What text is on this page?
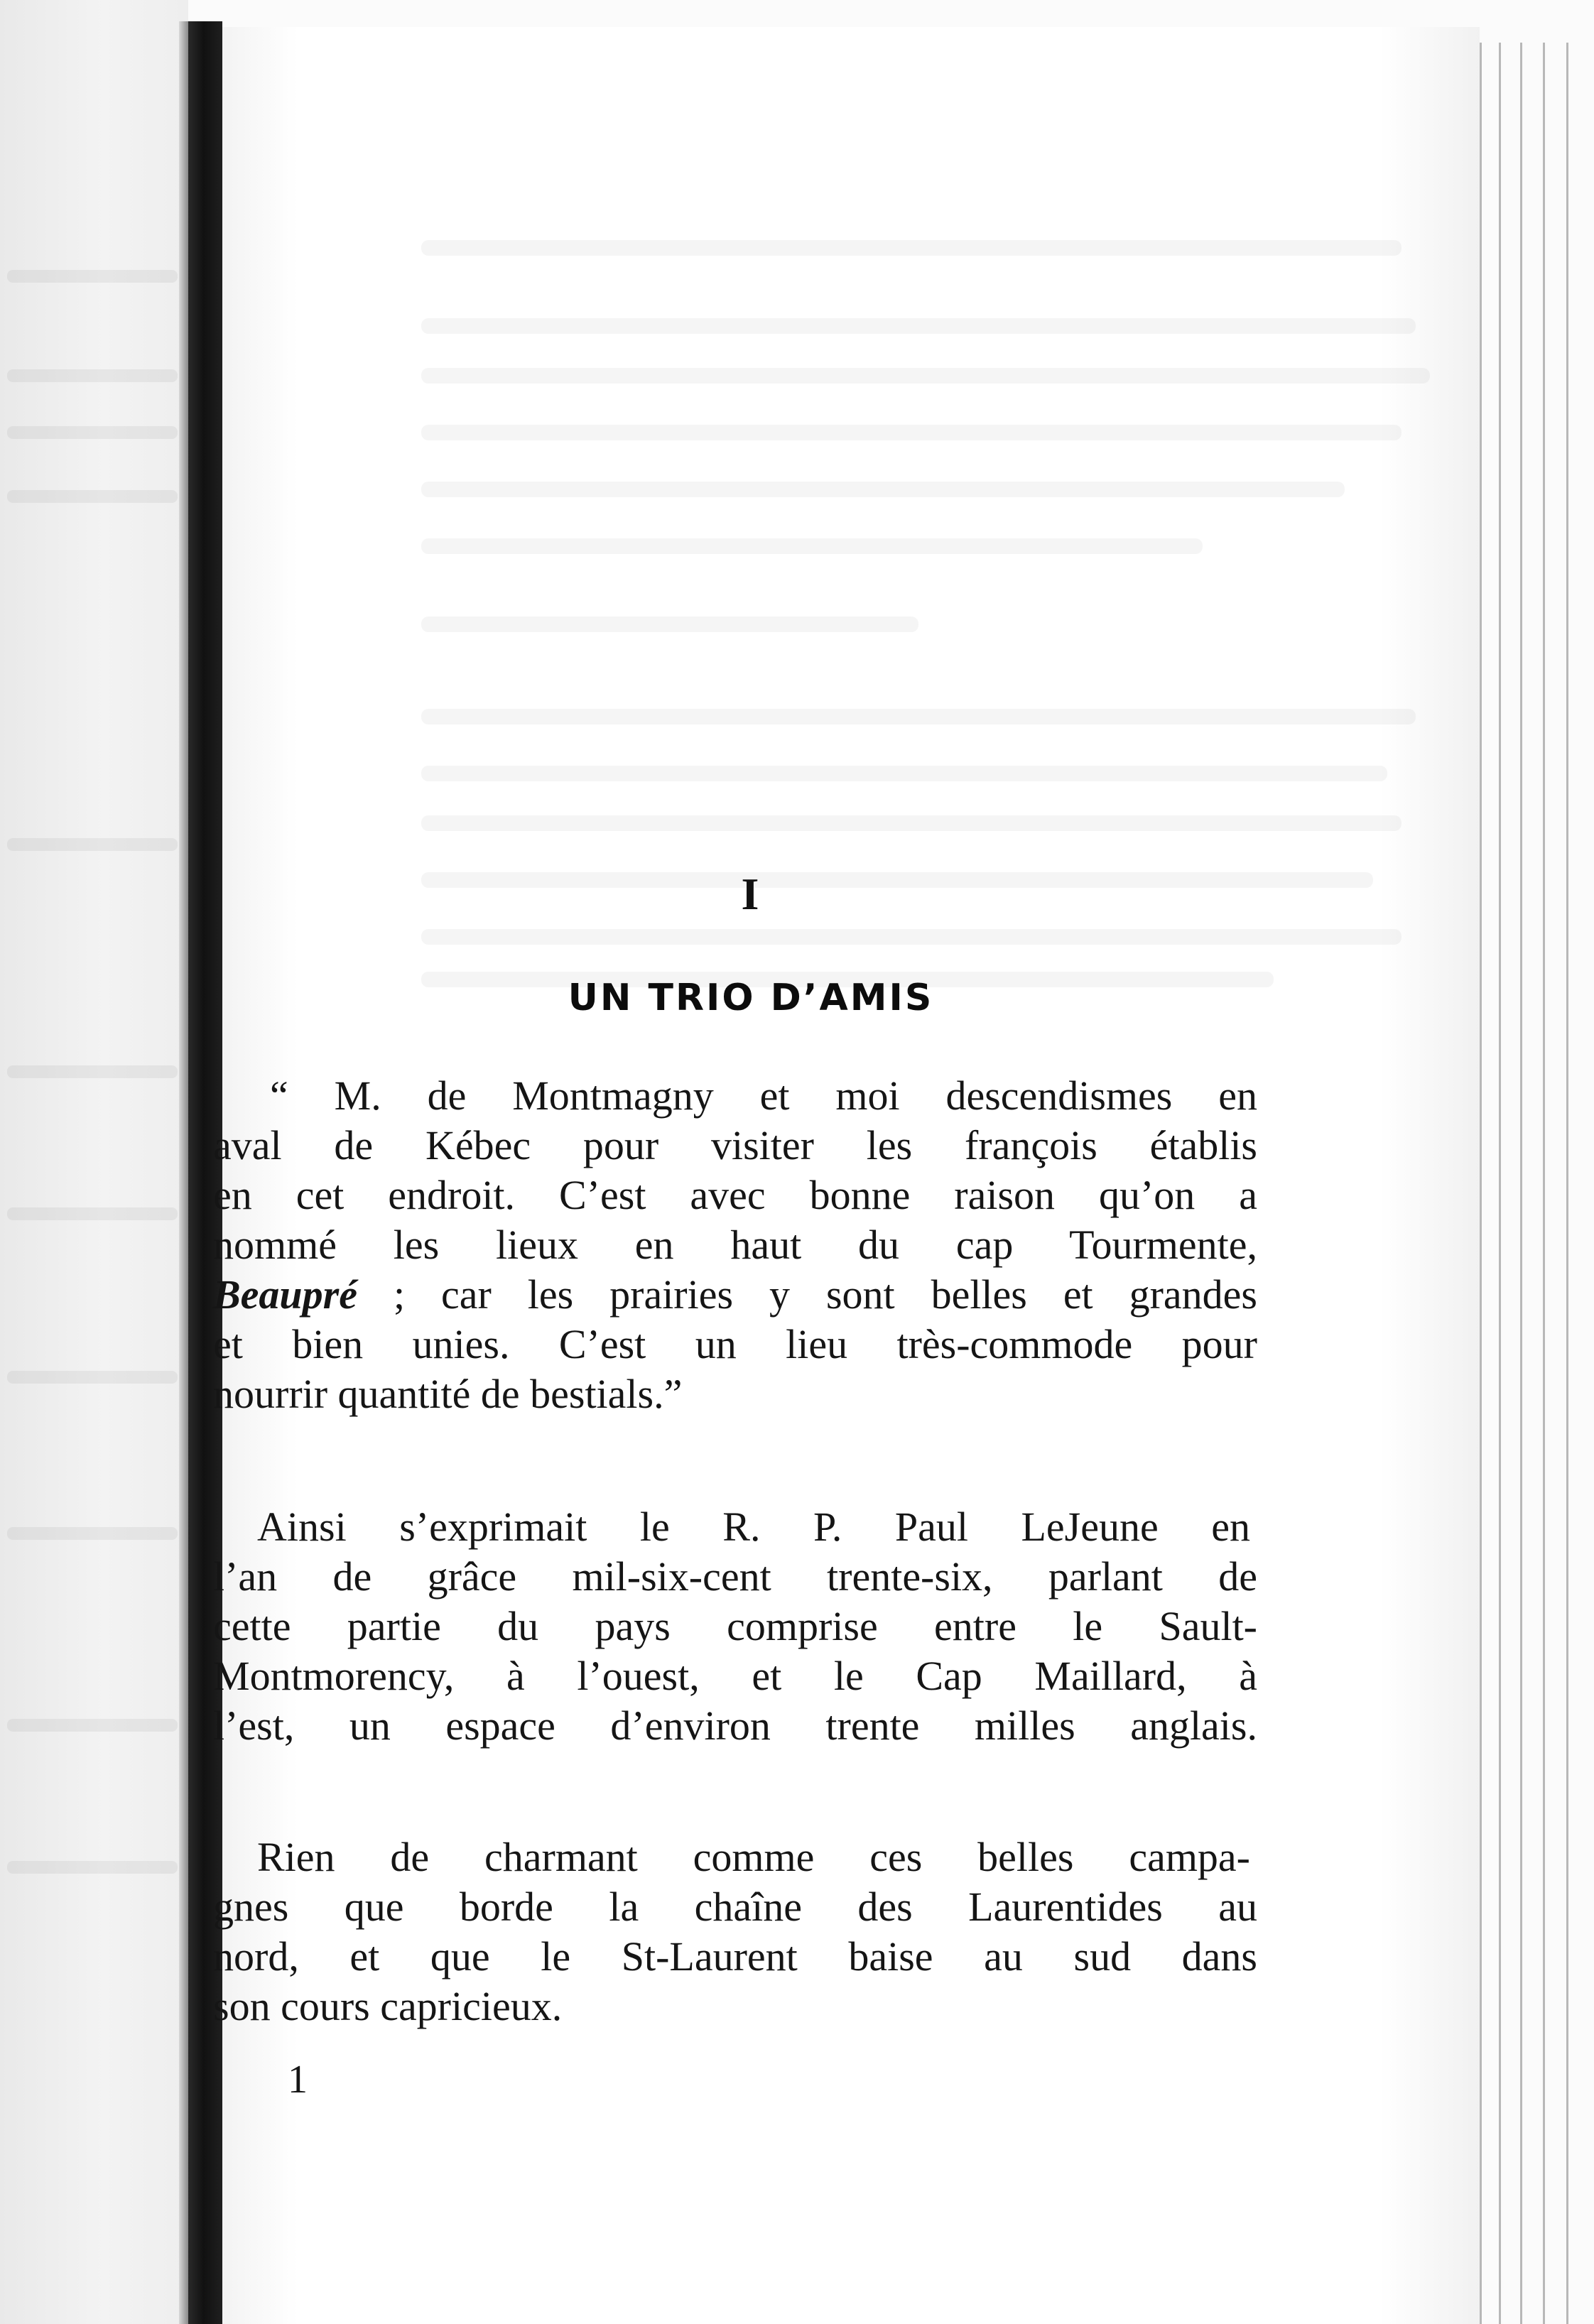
I
UN TRIO D’AMIS
“ M. de Montmagny et moi descendismes en
aval de Kébec pour visiter les françois établis
en cet endroit. C’est avec bonne raison qu’on a
nommé les lieux en haut du cap Tourmente,
Beaupré ; car les prairies y sont belles et grandes
et bien unies. C’est un lieu très-commode pour
nourrir quantité de bestials.”
Ainsi s’exprimait le R. P. Paul LeJeune en
l’an de grâce mil-six-cent trente-six, parlant de
cette partie du pays comprise entre le Sault-
Montmorency, à l’ouest, et le Cap Maillard, à
l’est, un espace d’environ trente milles anglais.
Rien de charmant comme ces belles campa-
gnes que borde la chaîne des Laurentides au
nord, et que le St-Laurent baise au sud dans
son cours capricieux.
1
